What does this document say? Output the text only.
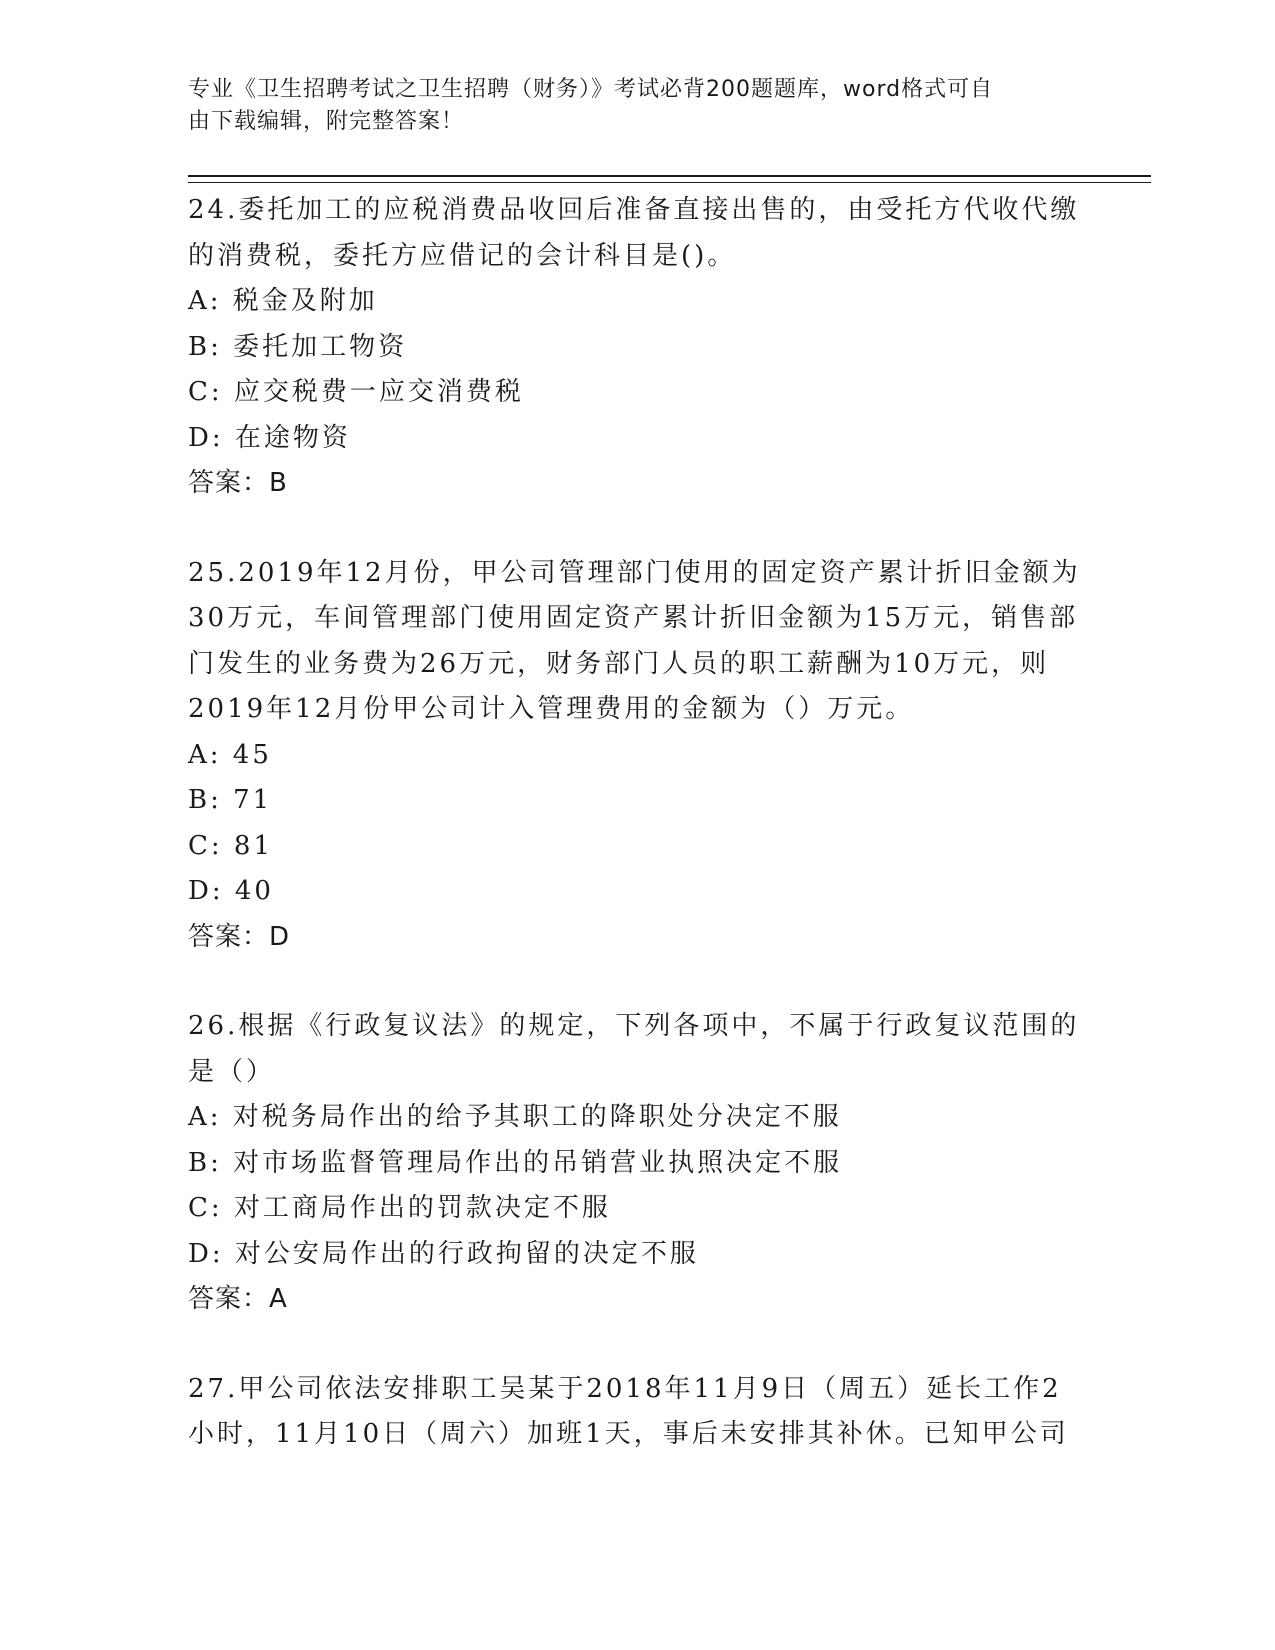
专业《卫生招聘考试之卫生招聘（财务）》考试必背200题题库，word格式可自
由下载编辑，附完整答案！

24.委托加工的应税消费品收回后准备直接出售的，由受托方代收代缴

的消费税，委托方应借记的会计科目是()。

A: 税金及附加
B: 委托加工物资
C: 应交税费一应交消费税
D: 在途物资

答案：B

25.2019年12月份，甲公司管理部门使用的固定资产累计折旧金额为

30万元，车间管理部门使用固定资产累计折旧金额为15万元，销售部

门发生的业务费为26万元，财务部门人员的职工薪酬为10万元，则

2019年12月份甲公司计入管理费用的金额为（）万元。

A: 45
B: 71
C: 81
D: 40

答案：D

26.根据《行政复议法》的规定，下列各项中，不属于行政复议范围的

是（）

A: 对税务局作出的给予其职工的降职处分决定不服
B: 对市场监督管理局作出的吊销营业执照决定不服
C: 对工商局作出的罚款决定不服
D: 对公安局作出的行政拘留的决定不服

答案：A

27.甲公司依法安排职工吴某于2018年11月9日（周五）延长工作2

小时，11月10日（周六）加班1天，事后未安排其补休。已知甲公司
